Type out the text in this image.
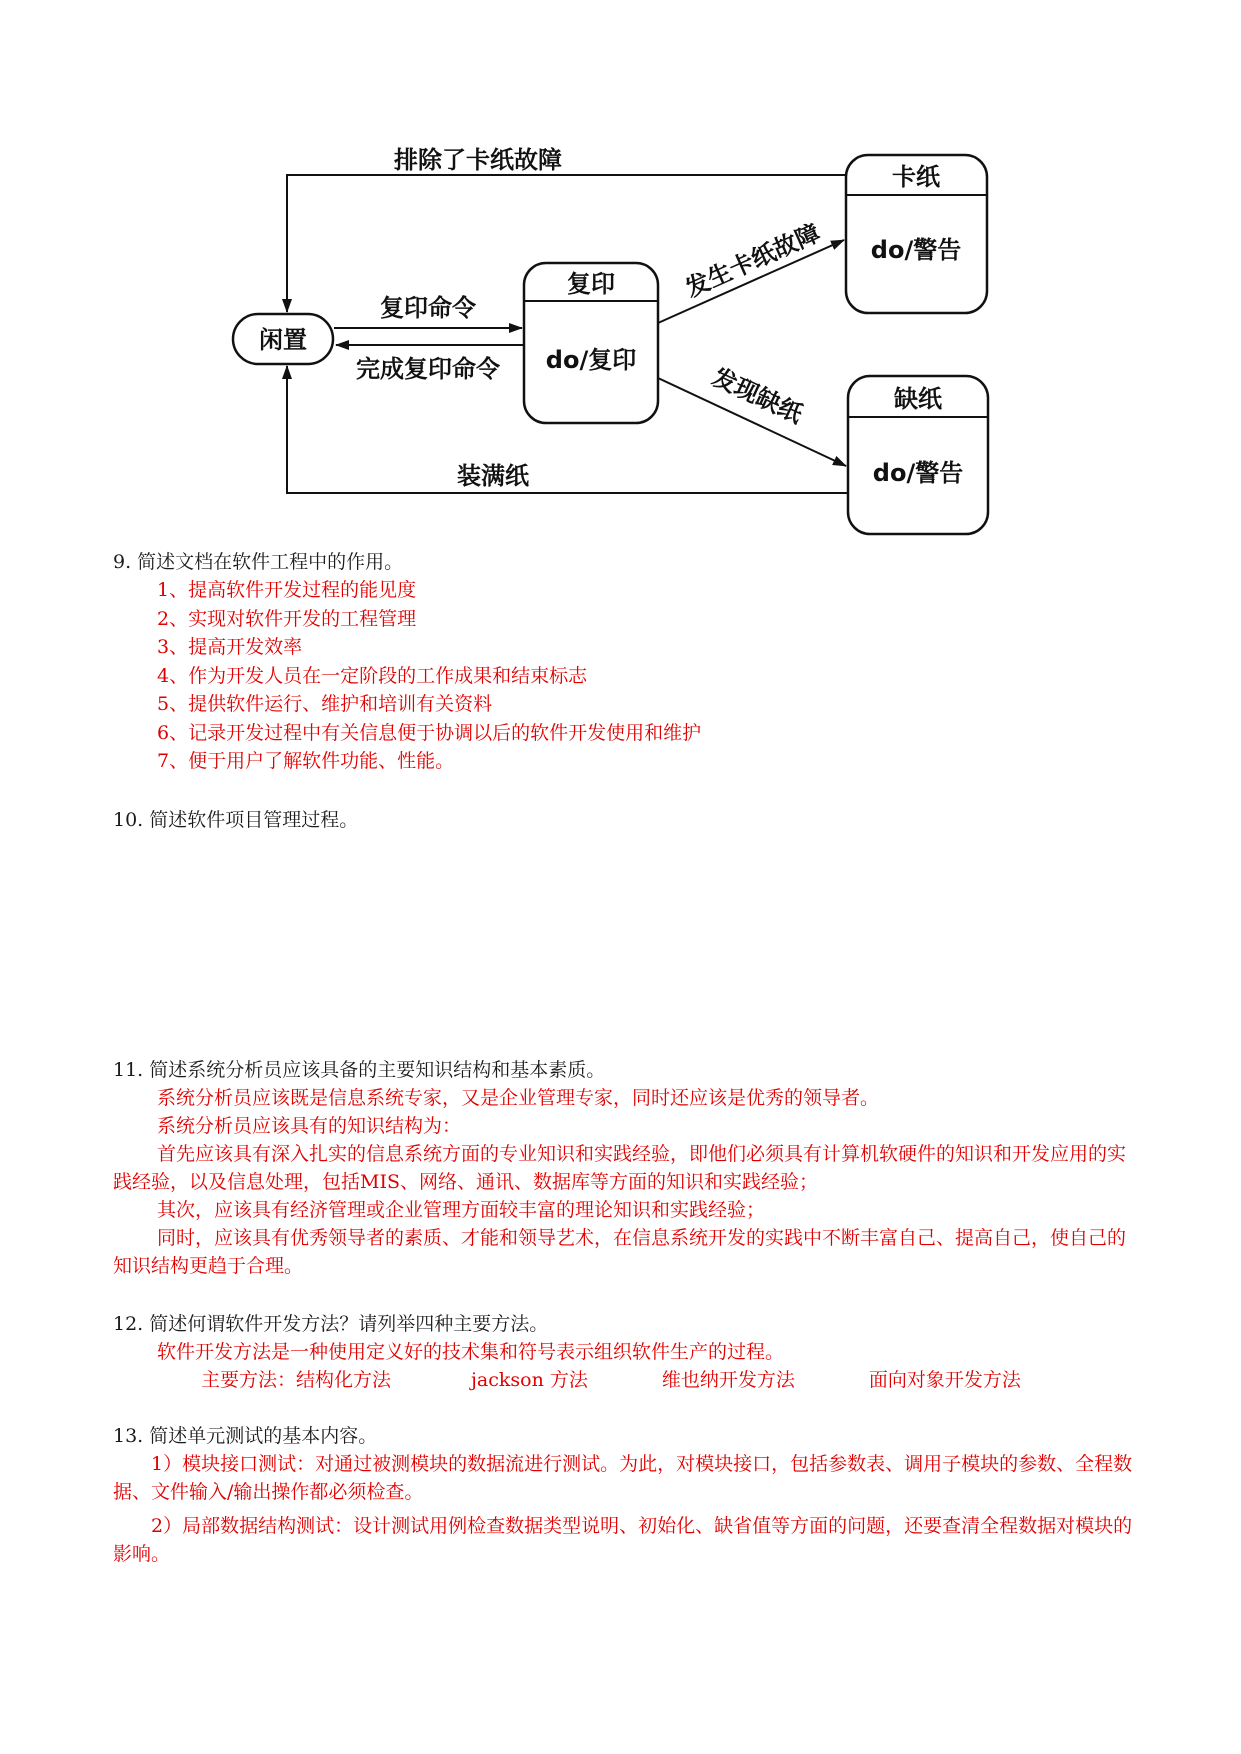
闲置
复印
do/复印
卡纸
do/警告
缺纸
do/警告
排除了卡纸故障
复印命令
完成复印命令
发生卡纸故障
发现缺纸
装满纸

9. 简述文档在软件工程中的作用。

1、提高软件开发过程的能见度
2、实现对软件开发的工程管理
3、提高开发效率
4、作为开发人员在一定阶段的工作成果和结束标志
5、提供软件运行、维护和培训有关资料
6、记录开发过程中有关信息便于协调以后的软件开发使用和维护
7、便于用户了解软件功能、性能。

10. 简述软件项目管理过程。

11. 简述系统分析员应该具备的主要知识结构和基本素质。

系统分析员应该既是信息系统专家，又是企业管理专家，同时还应该是优秀的领导者。

系统分析员应该具有的知识结构为：

首先应该具有深入扎实的信息系统方面的专业知识和实践经验，即他们必须具有计算机软硬件的知识和开发应用的实践经验，以及信息处理，包括MIS、网络、通讯、数据库等方面的知识和实践经验；

其次，应该具有经济管理或企业管理方面较丰富的理论知识和实践经验；

同时，应该具有优秀领导者的素质、才能和领导艺术，在信息系统开发的实践中不断丰富自己、提高自己，使自己的知识结构更趋于合理。

12. 简述何谓软件开发方法？请列举四种主要方法。

软件开发方法是一种使用定义好的技术集和符号表示组织软件生产的过程。

主要方法：结构化方法	jackson 方法	维也纳开发方法	面向对象开发方法

13. 简述单元测试的基本内容。

1）模块接口测试：对通过被测模块的数据流进行测试。为此，对模块接口，包括参数表、调用子模块的参数、全程数据、文件输入/输出操作都必须检查。

2）局部数据结构测试：设计测试用例检查数据类型说明、初始化、缺省值等方面的问题，还要查清全程数据对模块的影响。
